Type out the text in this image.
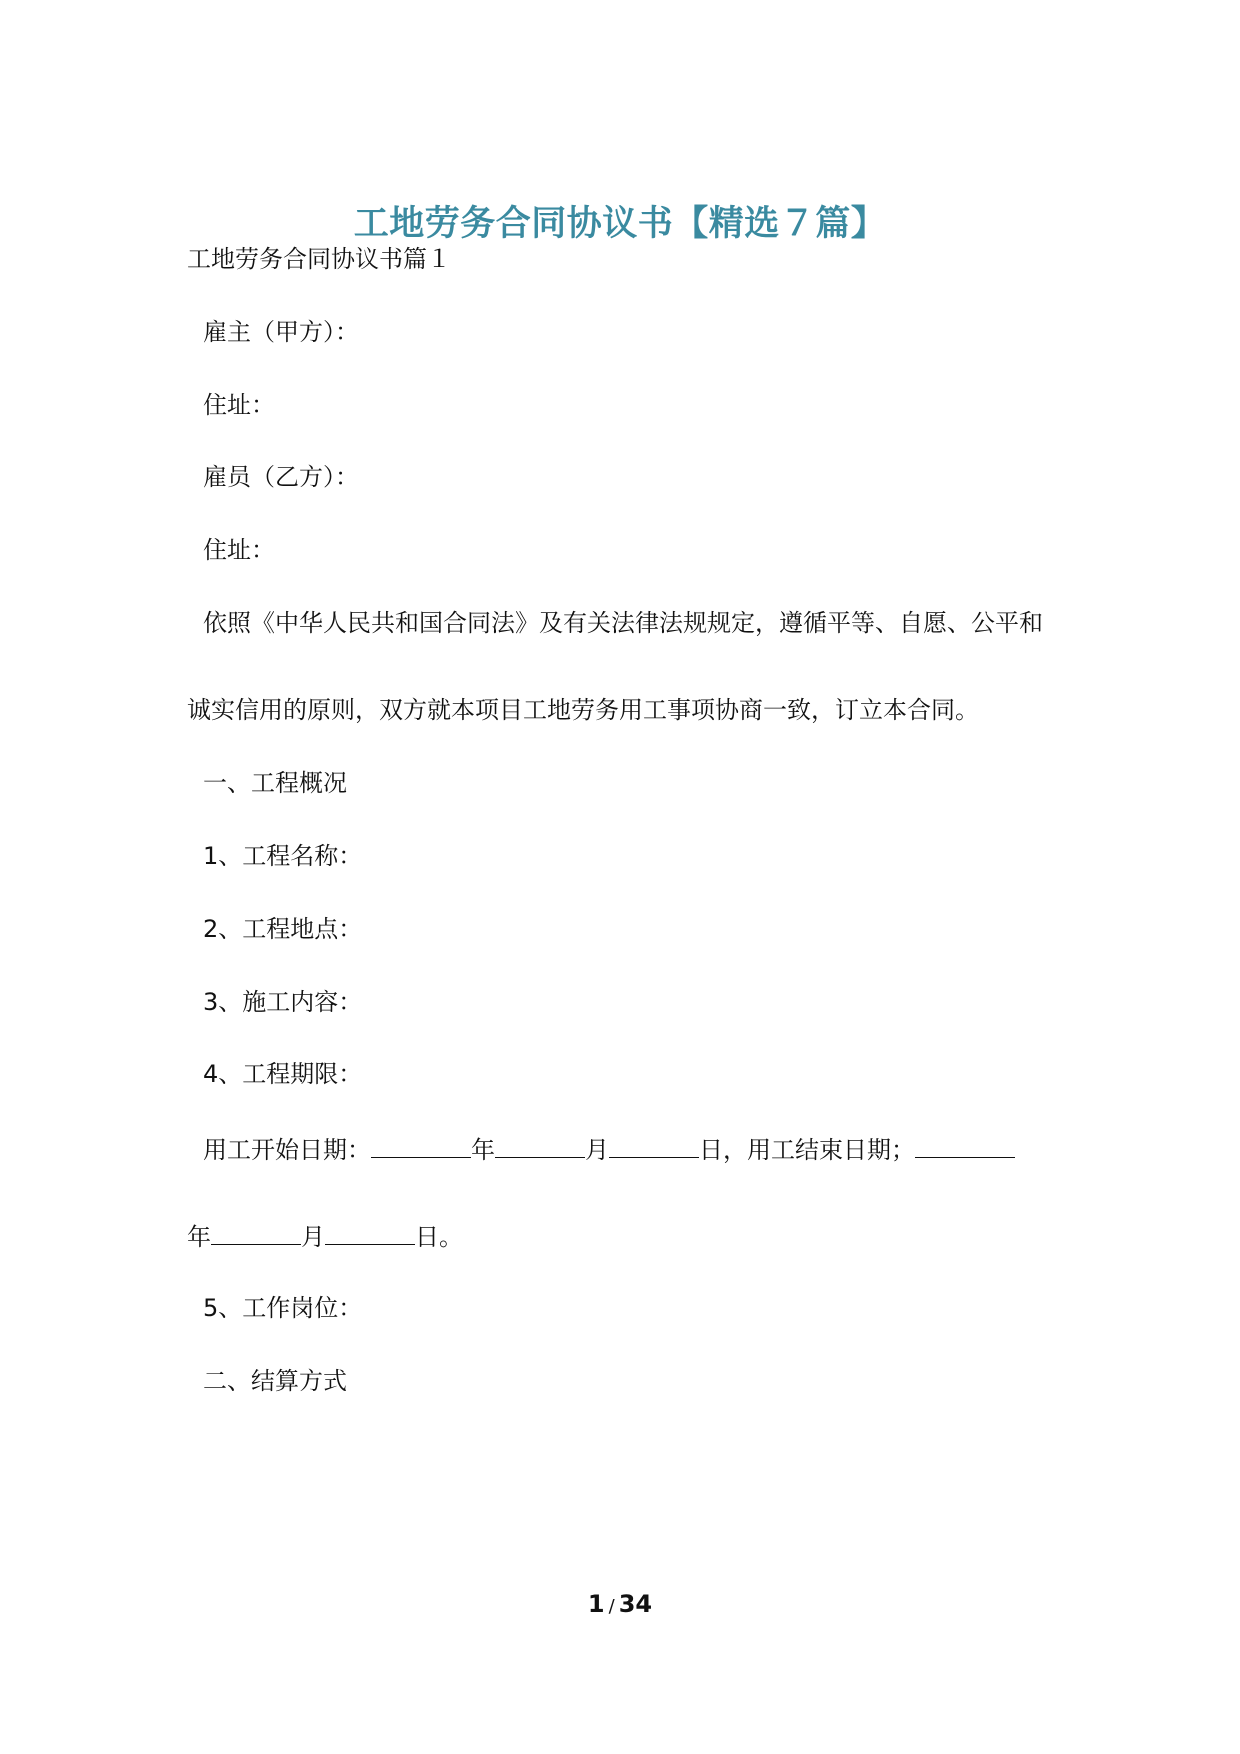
工地劳务合同协议书【精选７篇】
工地劳务合同协议书篇１
雇主（甲方）：
住址：
雇员（乙方）：
住址：
依照《中华人民共和国合同法》及有关法律法规规定，遵循平等、自愿、公平和
诚实信用的原则，双方就本项目工地劳务用工事项协商一致，订立本合同。
一、工程概况
1、工程名称：
2、工程地点：
3、施工内容：
4、工程期限：
用工开始日期：	年	月	日，用工结束日期；
年	月	日。
5、工作岗位：
二、结算方式
1 / 34
